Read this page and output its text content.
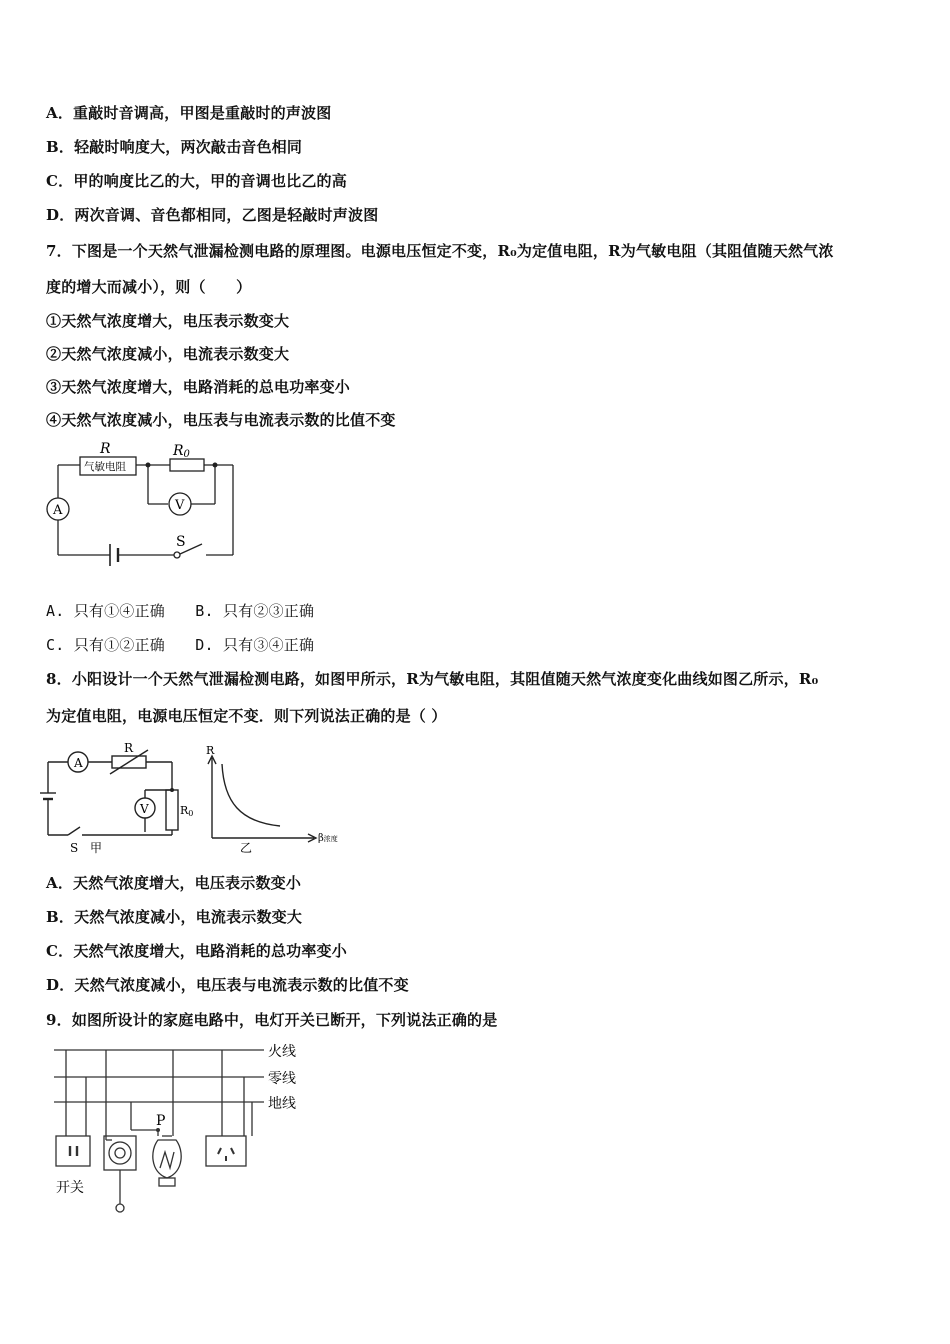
A．重敲时音调高，甲图是重敲时的声波图
B．轻敲时响度大，两次敲击音色相同
C．甲的响度比乙的大，甲的音调也比乙的高
D．两次音调、音色都相同，乙图是轻敲时声波图
7．下图是一个天然气泄漏检测电路的原理图。电源电压恒定不变，R₀为定值电阻，R为气敏电阻（其阻值随天然气浓
度的增大而减小），则（　　）
①天然气浓度增大，电压表示数变大
②天然气浓度减小，电流表示数变大
③天然气浓度增大，电路消耗的总电功率变小
④天然气浓度减小，电压表与电流表示数的比值不变
R
气敏电阻
R0
V
A
S
A. 只有①④正确　　B. 只有②③正确
C. 只有①②正确　　D. 只有③④正确
8．小阳设计一个天然气泄漏检测电路，如图甲所示，R为气敏电阻，其阻值随天然气浓度变化曲线如图乙所示，R₀
为定值电阻，电源电压恒定不变．则下列说法正确的是（ ）
A
V
R
R0
S 甲
R
β浓度
乙
A．天然气浓度增大，电压表示数变小
B．天然气浓度减小，电流表示数变大
C．天然气浓度增大，电路消耗的总功率变小
D．天然气浓度减小，电压表与电流表示数的比值不变
9．如图所设计的家庭电路中，电灯开关已断开，下列说法正确的是
火线
零线
地线
P
开关
